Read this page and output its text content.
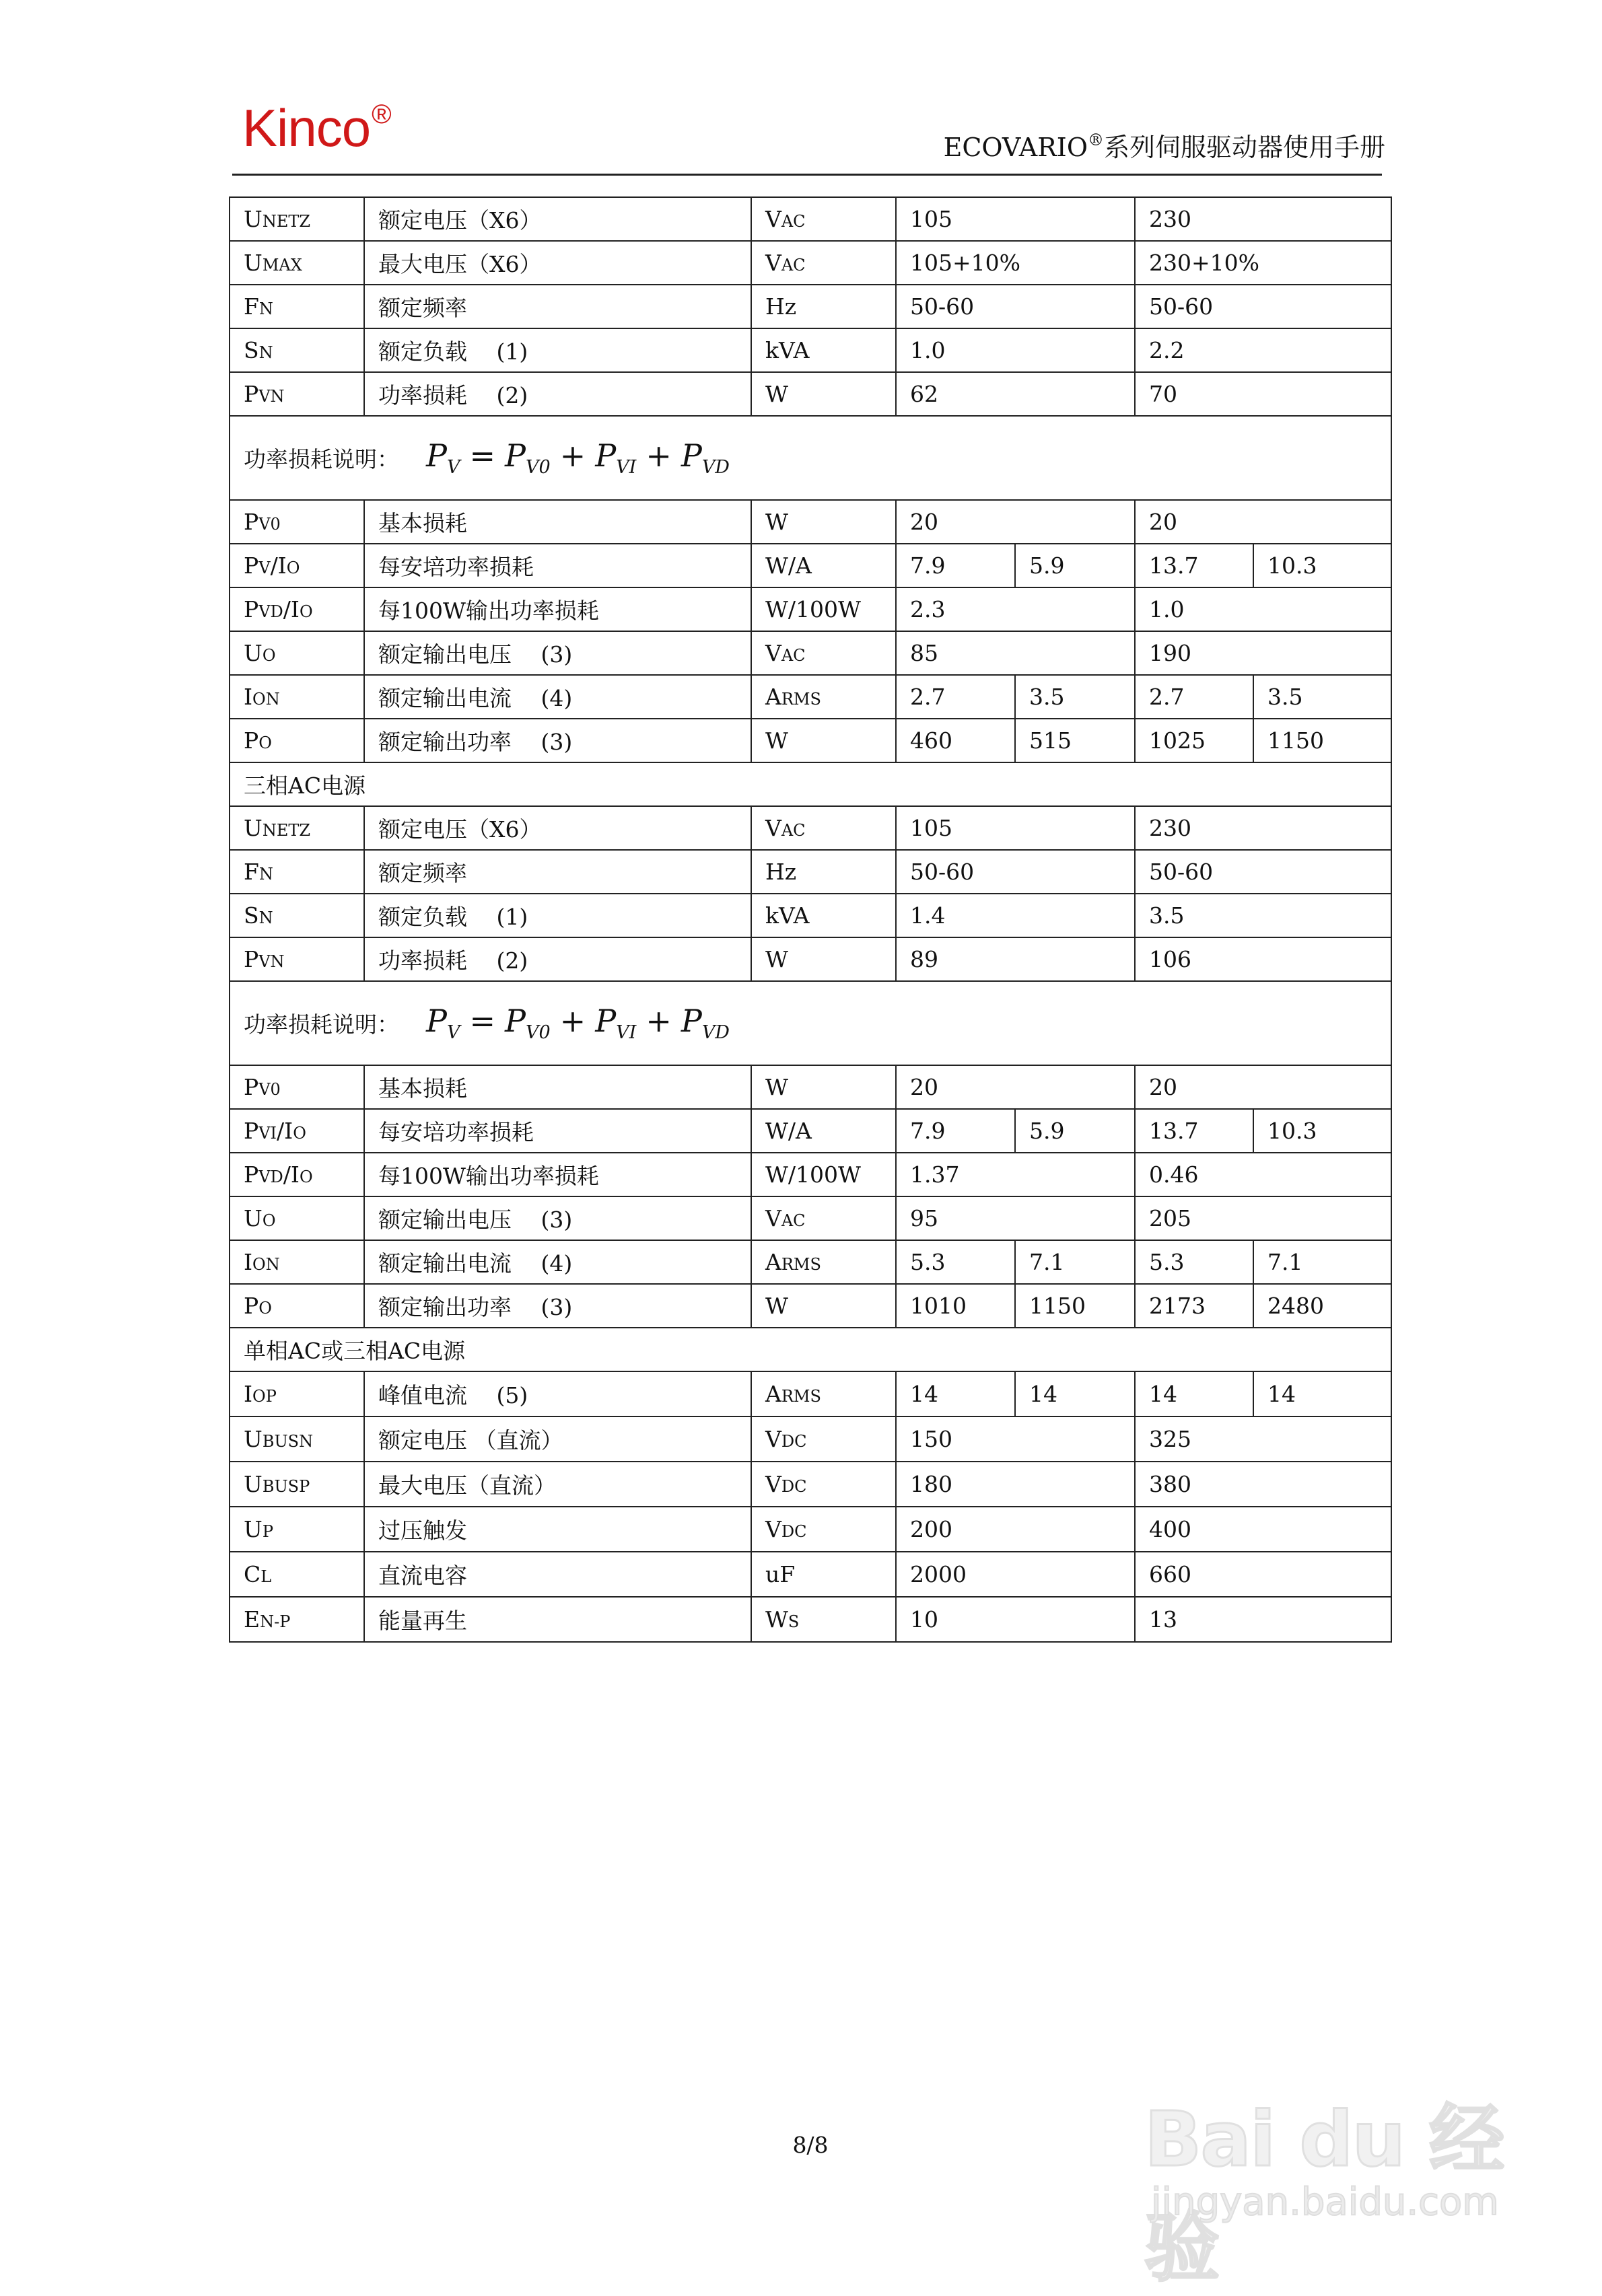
Kinco®
ECOVARIO®系列伺服驱动器使用手册
UNETZ	额定电压（X6）	VAC	105		230	
UMAX	最大电压（X6）	VAC	105+10%		230+10%	
FN	额定频率	Hz	50-60		50-60	
SN	额定负载　 (1)	kVA	1.0		2.2	
PVN	功率损耗　 (2)	W	62		70	
功率损耗说明： $P_V = P_{V0} + P_{VI} + P_{VD}$
PV0	基本损耗	W	20		20	
PV/IO	每安培功率损耗	W/A	7.9	5.9	13.7	10.3
PVD/IO	每100W输出功率损耗	W/100W	2.3		1.0	
UO	额定输出电压　 (3)	VAC	85		190	
ION	额定输出电流　 (4)	ARMS	2.7	3.5	2.7	3.5
PO	额定输出功率　 (3)	W	460	515	1025	1150
三相AC电源						
UNETZ	额定电压（X6）	VAC	105		230	
FN	额定频率	Hz	50-60		50-60	
SN	额定负载　 (1)	kVA	1.4		3.5	
PVN	功率损耗　 (2)	W	89		106	
功率损耗说明： $P_V = P_{V0} + P_{VI} + P_{VD}$
PV0	基本损耗	W	20		20	
PVI/IO	每安培功率损耗	W/A	7.9	5.9	13.7	10.3
PVD/IO	每100W输出功率损耗	W/100W	1.37		0.46	
UO	额定输出电压　 (3)	VAC	95		205	
ION	额定输出电流　 (4)	ARMS	5.3	7.1	5.3	7.1
PO	额定输出功率　 (3)	W	1010	1150	2173	2480
单相AC或三相AC电源						
IOP	峰值电流　 (5)	ARMS	14	14	14	14
UBUSN	额定电压 （直流）	VDC	150		325	
UBUSP	最大电压（直流）	VDC	180		380	
UP	过压触发	VDC	200		400	
CL	直流电容	uF	2000		660	
EN-P	能量再生	WS	10		13	
8/8	Bai du 经验
jingyan.baidu.com
